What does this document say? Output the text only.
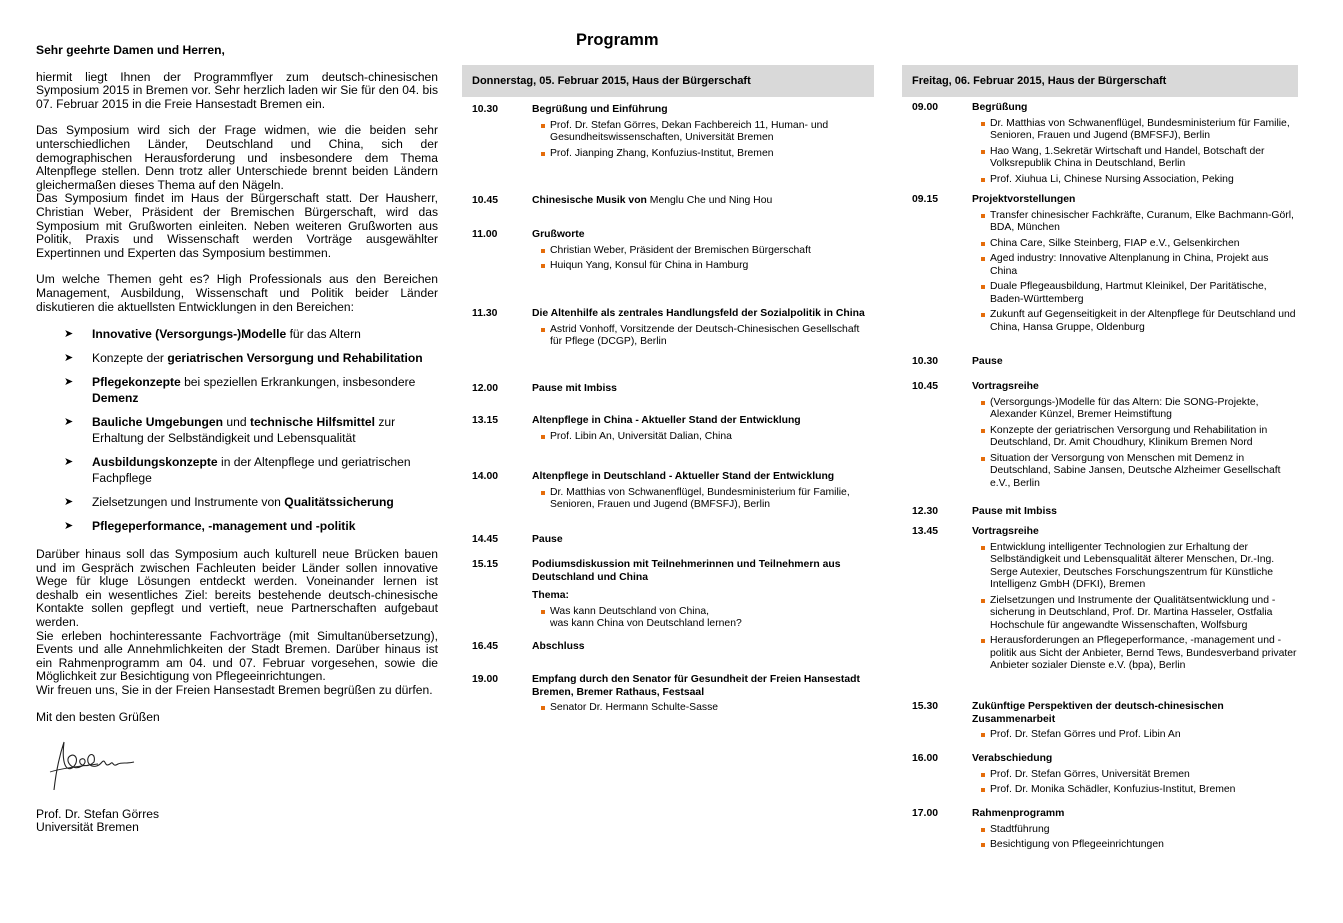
Sehr geehrte Damen und Herren,

hiermit liegt Ihnen der Programmflyer zum deutsch-chinesischen Symposium 2015 in Bremen vor. Sehr herzlich laden wir Sie für den 04. bis 07. Februar 2015 in die Freie Hansestadt Bremen ein.

Das Symposium wird sich der Frage widmen, wie die beiden sehr unterschiedlichen Länder, Deutschland und China, sich der demographischen Herausforderung und insbesondere dem Thema Altenpflege stellen. Denn trotz aller Unterschiede brennt beiden Ländern gleichermaßen dieses Thema auf den Nägeln.

Das Symposium findet im Haus der Bürgerschaft statt. Der Hausherr, Christian Weber, Präsident der Bremischen Bürgerschaft, wird das Symposium mit Grußworten einleiten. Neben weiteren Grußworten aus Politik, Praxis und Wissenschaft werden Vorträge ausgewählter Expertinnen und Experten das Symposium bestimmen.

Um welche Themen geht es? High Professionals aus den Bereichen Management, Ausbildung, Wissenschaft und Politik beider Länder diskutieren die aktuellsten Entwicklungen in den Bereichen:

➤ Innovative (Versorgungs-)Modelle für das Altern
➤ Konzepte der geriatrischen Versorgung und Rehabilitation
➤ Pflegekonzepte bei speziellen Erkrankungen, insbesondere Demenz
➤ Bauliche Umgebungen und technische Hilfsmittel zur Erhaltung der Selbständigkeit und Lebensqualität
➤ Ausbildungskonzepte in der Altenpflege und geriatrischen Fachpflege
➤ Zielsetzungen und Instrumente von Qualitätssicherung
➤ Pflegeperformance, -management und -politik

Darüber hinaus soll das Symposium auch kulturell neue Brücken bauen und im Gespräch zwischen Fachleuten beider Länder sollen innovative Wege für kluge Lösungen entdeckt werden. Voneinander lernen ist deshalb ein wesentliches Ziel: bereits bestehende deutsch-chinesische Kontakte sollen gepflegt und vertieft, neue Partnerschaften aufgebaut werden.

Sie erleben hochinteressante Fachvorträge (mit Simultanübersetzung), Events und alle Annehmlichkeiten der Stadt Bremen. Darüber hinaus ist ein Rahmenprogramm am 04. und 07. Februar vorgesehen, sowie die Möglichkeit zur Besichtigung von Pflegeeinrichtungen.

Wir freuen uns, Sie in der Freien Hansestadt Bremen begrüßen zu dürfen.

Mit den besten Grüßen

Prof. Dr. Stefan Görres

Universität Bremen

Programm
Donnerstag, 05. Februar 2015, Haus der Bürgerschaft
10.30	Begrüßung und Einführung
Prof. Dr. Stefan Görres, Dekan Fachbereich 11, Human- und Gesundheitswissenschaften, Universität Bremen
Prof. Jianping Zhang, Konfuzius-Institut, Bremen
10.45	Chinesische Musik von Menglu Che und Ning Hou
11.00	Grußworte
Christian Weber, Präsident der Bremischen Bürgerschaft
Huiqun Yang, Konsul für China in Hamburg
11.30	Die Altenhilfe als zentrales Handlungsfeld der Sozialpolitik in China
Astrid Vonhoff, Vorsitzende der Deutsch-Chinesischen Gesellschaft für Pflege (DCGP), Berlin
12.00	Pause mit Imbiss
13.15	Altenpflege in China - Aktueller Stand der Entwicklung
Prof. Libin An, Universität Dalian, China
14.00	Altenpflege in Deutschland - Aktueller Stand der Entwicklung
Dr. Matthias von Schwanenflügel, Bundesministerium für Familie, Senioren, Frauen und Jugend (BMFSFJ), Berlin
14.45	Pause
15.15	Podiumsdiskussion mit Teilnehmerinnen und Teilnehmern aus Deutschland und China
Thema:
Was kann Deutschland von China,
was kann China von Deutschland lernen?
16.45	Abschluss
19.00	Empfang durch den Senator für Gesundheit der Freien Hansestadt Bremen, Bremer Rathaus, Festsaal
Senator Dr. Hermann Schulte-Sasse
Freitag, 06. Februar 2015, Haus der Bürgerschaft
09.00	Begrüßung
Dr. Matthias von Schwanenflügel, Bundesministerium für Familie, Senioren, Frauen und Jugend (BMFSFJ), Berlin
Hao Wang, 1.Sekretär Wirtschaft und Handel, Botschaft der Volksrepublik China in Deutschland, Berlin
Prof. Xiuhua Li, Chinese Nursing Association, Peking
09.15	Projektvorstellungen
Transfer chinesischer Fachkräfte, Curanum, Elke Bachmann-Görl, BDA, München
China Care, Silke Steinberg, FIAP e.V., Gelsenkirchen
Aged industry: Innovative Altenplanung in China, Projekt aus China
Duale Pflegeausbildung, Hartmut Kleinikel, Der Paritätische, Baden-Württemberg
Zukunft auf Gegenseitigkeit in der Altenpflege für Deutschland und China, Hansa Gruppe, Oldenburg
10.30	Pause
10.45	Vortragsreihe
(Versorgungs-)Modelle für das Altern: Die SONG-Projekte, Alexander Künzel, Bremer Heimstiftung
Konzepte der geriatrischen Versorgung und Rehabilitation in Deutschland, Dr. Amit Choudhury, Klinikum Bremen Nord
Situation der Versorgung von Menschen mit Demenz in Deutschland, Sabine Jansen, Deutsche Alzheimer Gesellschaft e.V., Berlin
12.30	Pause mit Imbiss
13.45	Vortragsreihe
Entwicklung intelligenter Technologien zur Erhaltung der Selbständigkeit und Lebensqualität älterer Menschen, Dr.-Ing. Serge Autexier, Deutsches Forschungszentrum für Künstliche Intelligenz GmbH (DFKI), Bremen
Zielsetzungen und Instrumente der Qualitätsentwicklung und -sicherung in Deutschland, Prof. Dr. Martina Hasseler, Ostfalia Hochschule für angewandte Wissenschaften, Wolfsburg
Herausforderungen an Pflegeperformance, -management und -politik aus Sicht der Anbieter, Bernd Tews, Bundesverband privater Anbieter sozialer Dienste e.V. (bpa), Berlin
15.30	Zukünftige Perspektiven der deutsch-chinesischen Zusammenarbeit
Prof. Dr. Stefan Görres und Prof. Libin An
16.00	Verabschiedung
Prof. Dr. Stefan Görres, Universität Bremen
Prof. Dr. Monika Schädler, Konfuzius-Institut, Bremen
17.00	Rahmenprogramm
Stadtführung
Besichtigung von Pflegeeinrichtungen
